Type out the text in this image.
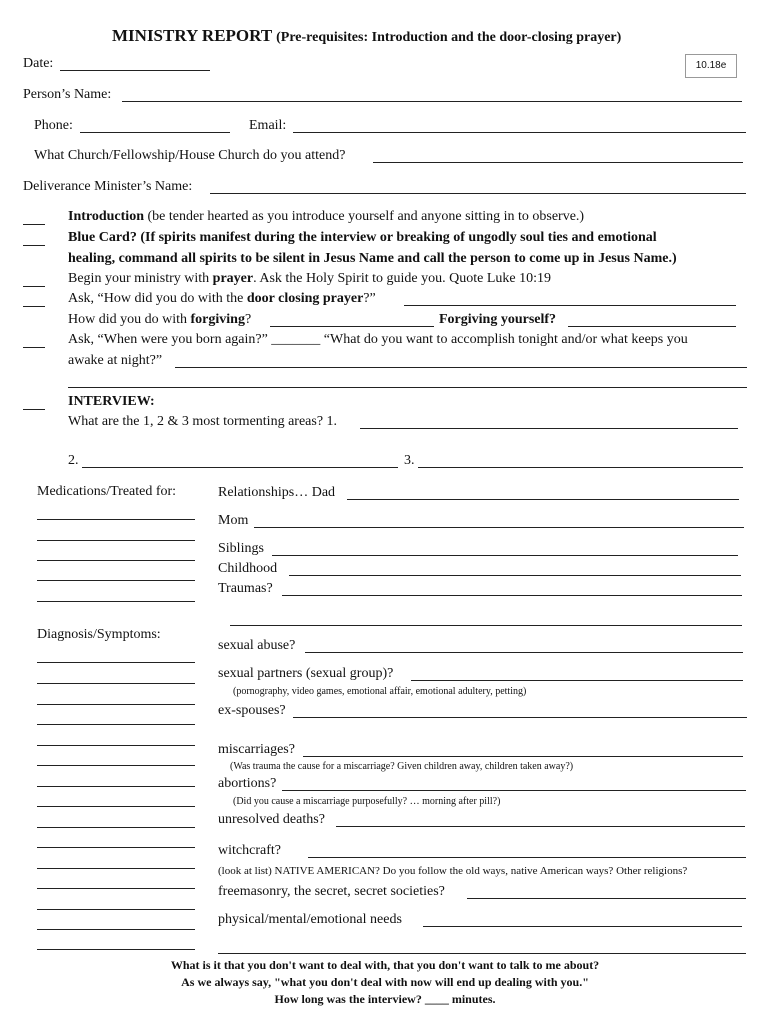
MINISTRY REPORT (Pre-requisites: Introduction and the door-closing prayer)
10.18e
Date:
Person’s Name:
Phone:	Email:
What Church/Fellowship/House Church do you attend?
Deliverance Minister’s Name:
Introduction (be tender hearted as you introduce yourself and anyone sitting in to observe.)
Blue Card? (If spirits manifest during the interview or breaking of ungodly soul ties and emotional
healing, command all spirits to be silent in Jesus Name and call the person to come up in Jesus Name.)
Begin your ministry with prayer. Ask the Holy Spirit to guide you. Quote Luke 10:19
Ask, “How did you do with the door closing prayer?”
How did you do with forgiving?	Forgiving yourself?
Ask, “When were you born again?” _______ “What do you want to accomplish tonight and/or what keeps you
awake at night?”
INTERVIEW:
What are the 1, 2 & 3 most tormenting areas? 1.
2.	3.
Medications/Treated for:
Diagnosis/Symptoms:
Relationships… Dad
Mom
Siblings
Childhood
Traumas?
sexual abuse?
sexual partners (sexual group)?
(pornography, video games, emotional affair, emotional adultery, petting)
ex-spouses?
miscarriages?
(Was trauma the cause for a miscarriage? Given children away, children taken away?)
abortions?
(Did you cause a miscarriage purposefully? … morning after pill?)
unresolved deaths?
witchcraft?
(look at list) NATIVE AMERICAN? Do you follow the old ways, native American ways? Other religions?
freemasonry, the secret, secret societies?
physical/mental/emotional needs
What is it that you don't want to deal with, that you don't want to talk to me about?
As we always say, "what you don't deal with now will end up dealing with you."
How long was the interview? ____ minutes.
